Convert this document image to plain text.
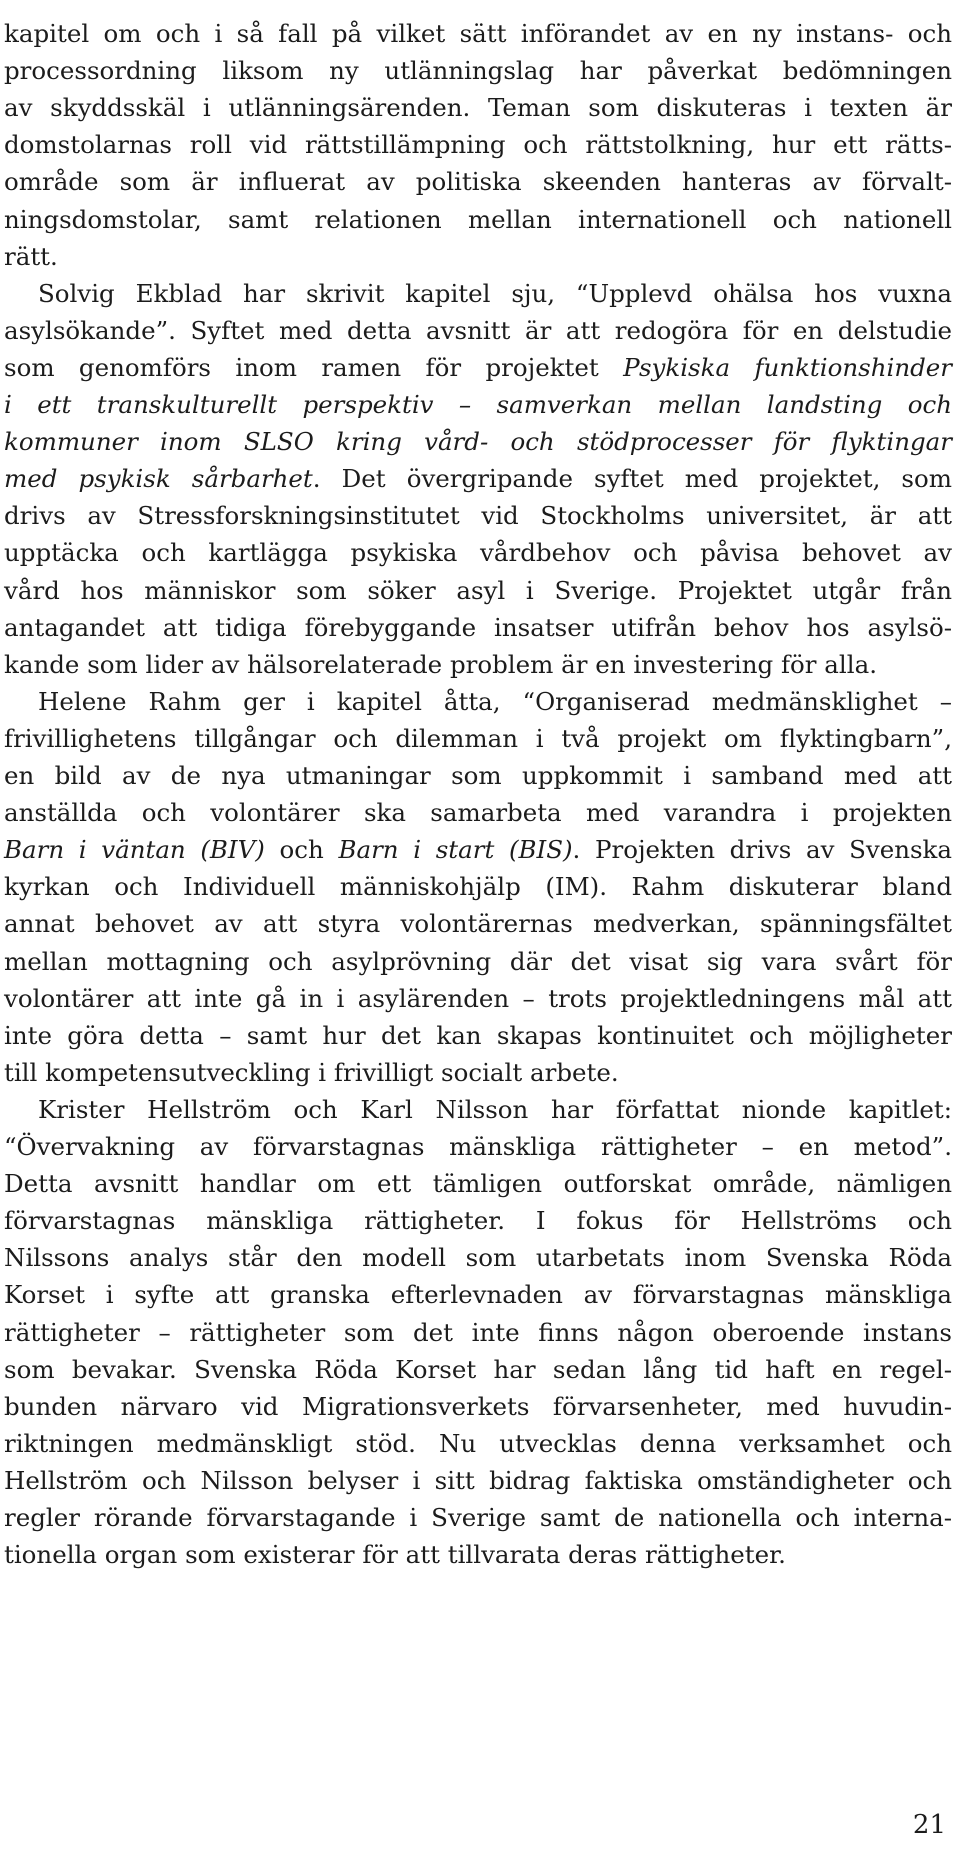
kapitel om och i så fall på vilket sätt införandet av en ny instans- och
processordning liksom ny utlänningslag har påverkat bedömningen
av skyddsskäl i utlänningsärenden. Teman som diskuteras i texten är
domstolarnas roll vid rättstillämpning och rättstolkning, hur ett rätts-
område som är influerat av politiska skeenden hanteras av förvalt-
ningsdomstolar, samt relationen mellan internationell och nationell
rätt.
Solvig Ekblad har skrivit kapitel sju, “Upplevd ohälsa hos vuxna
asylsökande”. Syftet med detta avsnitt är att redogöra för en delstudie
som genomförs inom ramen för projektet Psykiska funktionshinder
i ett transkulturellt perspektiv – samverkan mellan landsting och
kommuner inom SLSO kring vård- och stödprocesser för flyktingar
med psykisk sårbarhet. Det övergripande syftet med projektet, som
drivs av Stressforskningsinstitutet vid Stockholms universitet, är att
upptäcka och kartlägga psykiska vårdbehov och påvisa behovet av
vård hos människor som söker asyl i Sverige. Projektet utgår från
antagandet att tidiga förebyggande insatser utifrån behov hos asylsö-
kande som lider av hälsorelaterade problem är en investering för alla.
Helene Rahm ger i kapitel åtta, “Organiserad medmänsklighet –
frivillighetens tillgångar och dilemman i två projekt om flyktingbarn”,
en bild av de nya utmaningar som uppkommit i samband med att
anställda och volontärer ska samarbeta med varandra i projekten
Barn i väntan (BIV) och Barn i start (BIS). Projekten drivs av Svenska
kyrkan och Individuell människohjälp (IM). Rahm diskuterar bland
annat behovet av att styra volontärernas medverkan, spänningsfältet
mellan mottagning och asylprövning där det visat sig vara svårt för
volontärer att inte gå in i asylärenden – trots projektledningens mål att
inte göra detta – samt hur det kan skapas kontinuitet och möjligheter
till kompetensutveckling i frivilligt socialt arbete.
Krister Hellström och Karl Nilsson har författat nionde kapitlet:
“Övervakning av förvarstagnas mänskliga rättigheter – en metod”.
Detta avsnitt handlar om ett tämligen outforskat område, nämligen
förvarstagnas mänskliga rättigheter. I fokus för Hellströms och
Nilssons analys står den modell som utarbetats inom Svenska Röda
Korset i syfte att granska efterlevnaden av förvarstagnas mänskliga
rättigheter – rättigheter som det inte finns någon oberoende instans
som bevakar. Svenska Röda Korset har sedan lång tid haft en regel-
bunden närvaro vid Migrationsverkets förvarsenheter, med huvudin-
riktningen medmänskligt stöd. Nu utvecklas denna verksamhet och
Hellström och Nilsson belyser i sitt bidrag faktiska omständigheter och
regler rörande förvarstagande i Sverige samt de nationella och interna-
tionella organ som existerar för att tillvarata deras rättigheter.
21
